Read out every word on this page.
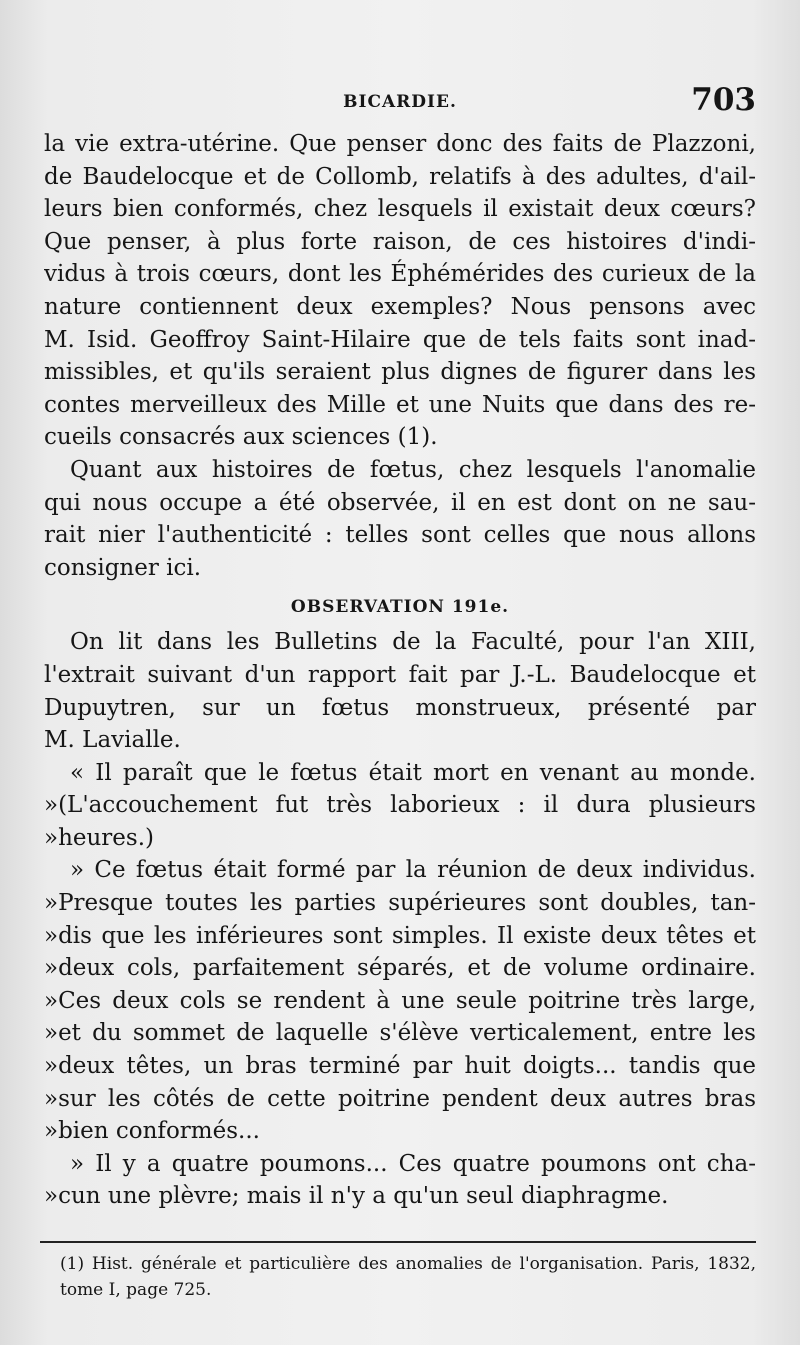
BICARDIE.	703

la vie extra-utérine. Que penser donc des faits de Plazzoni,
de Baudelocque et de Collomb, relatifs à des adultes, d'ail-
leurs bien conformés, chez lesquels il existait deux cœurs?
Que penser, à plus forte raison, de ces histoires d'indi-
vidus à trois cœurs, dont les Éphémérides des curieux de la
nature contiennent deux exemples? Nous pensons avec
M. Isid. Geoffroy Saint-Hilaire que de tels faits sont inad-
missibles, et qu'ils seraient plus dignes de figurer dans les
contes merveilleux des Mille et une Nuits que dans des re-
cueils consacrés aux sciences (1).

Quant aux histoires de fœtus, chez lesquels l'anomalie
qui nous occupe a été observée, il en est dont on ne sau-
rait nier l'authenticité : telles sont celles que nous allons
consigner ici.

OBSERVATION 191e.

On lit dans les Bulletins de la Faculté, pour l'an XIII,
l'extrait suivant d'un rapport fait par J.-L. Baudelocque et
Dupuytren, sur un fœtus monstrueux, présenté par
M. Lavialle.

« Il paraît que le fœtus était mort en venant au monde.
»(L'accouchement fut très laborieux : il dura plusieurs
»heures.)

» Ce fœtus était formé par la réunion de deux individus.
»Presque toutes les parties supérieures sont doubles, tan-
»dis que les inférieures sont simples. Il existe deux têtes et
»deux cols, parfaitement séparés, et de volume ordinaire.
»Ces deux cols se rendent à une seule poitrine très large,
»et du sommet de laquelle s'élève verticalement, entre les
»deux têtes, un bras terminé par huit doigts... tandis que
»sur les côtés de cette poitrine pendent deux autres bras
»bien conformés...

» Il y a quatre poumons... Ces quatre poumons ont cha-
»cun une plèvre; mais il n'y a qu'un seul diaphragme.

(1) Hist. générale et particulière des anomalies de l'organisation. Paris, 1832,
tome I, page 725.
